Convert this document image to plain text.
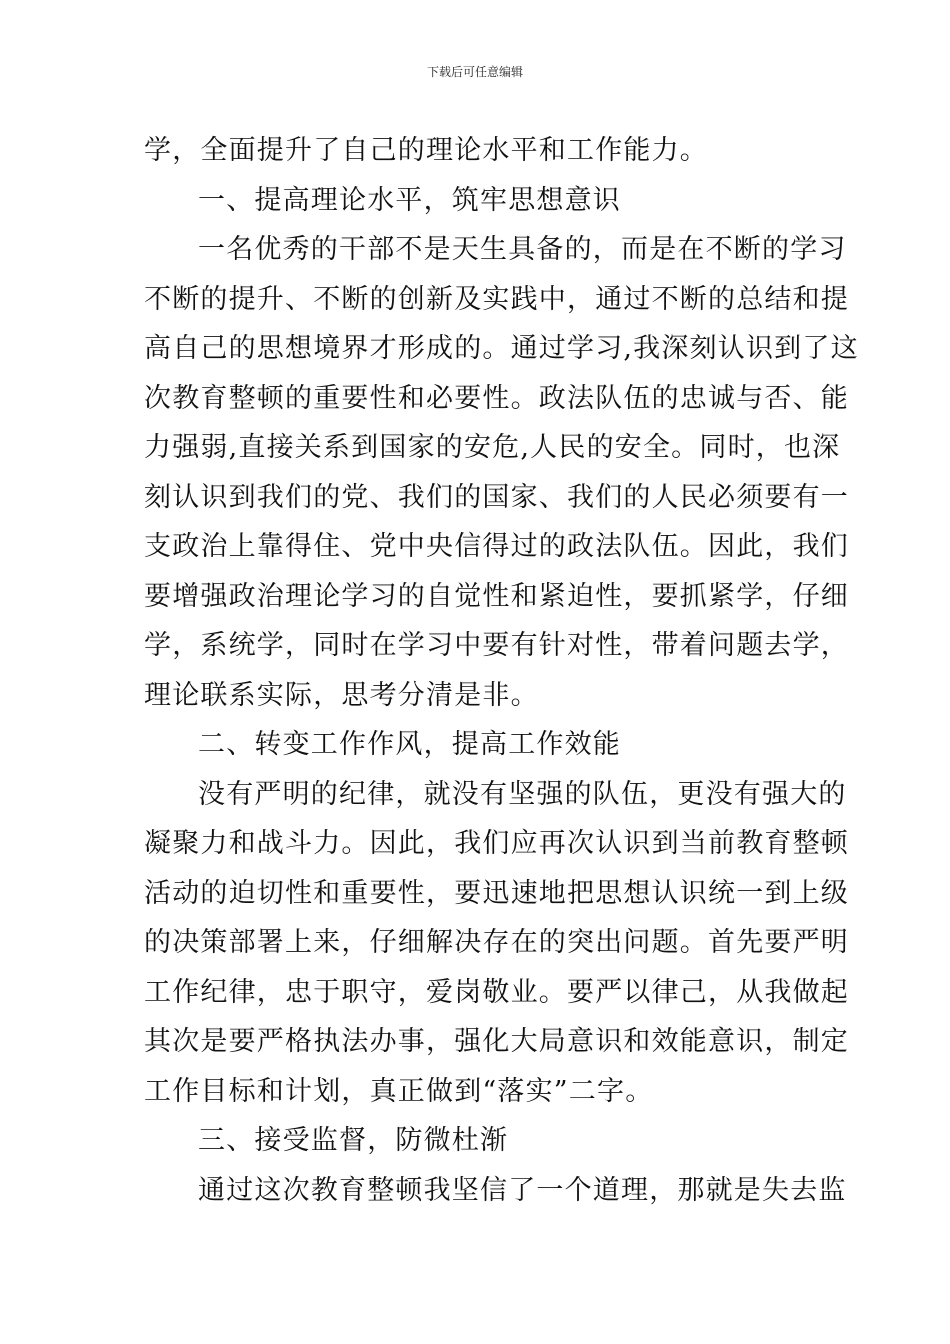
下载后可任意编辑
学，全面提升了自己的理论水平和工作能力。
一、提高理论水平，筑牢思想意识
一名优秀的干部不是天生具备的，而是在不断的学习
不断的提升、不断的创新及实践中，通过不断的总结和提
高自己的思想境界才形成的。通过学习,我深刻认识到了这
次教育整顿的重要性和必要性。政法队伍的忠诚与否、能
力强弱,直接关系到国家的安危,人民的安全。同时，也深
刻认识到我们的党、我们的国家、我们的人民必须要有一
支政治上靠得住、党中央信得过的政法队伍。因此，我们
要增强政治理论学习的自觉性和紧迫性，要抓紧学，仔细
学，系统学，同时在学习中要有针对性，带着问题去学，
理论联系实际，思考分清是非。
二、转变工作作风，提高工作效能
没有严明的纪律，就没有坚强的队伍，更没有强大的
凝聚力和战斗力。因此，我们应再次认识到当前教育整顿
活动的迫切性和重要性，要迅速地把思想认识统一到上级
的决策部署上来，仔细解决存在的突出问题。首先要严明
工作纪律，忠于职守，爱岗敬业。要严以律己，从我做起
其次是要严格执法办事，强化大局意识和效能意识，制定
工作目标和计划，真正做到“落实”二字。
三、接受监督，防微杜渐
通过这次教育整顿我坚信了一个道理，那就是失去监
